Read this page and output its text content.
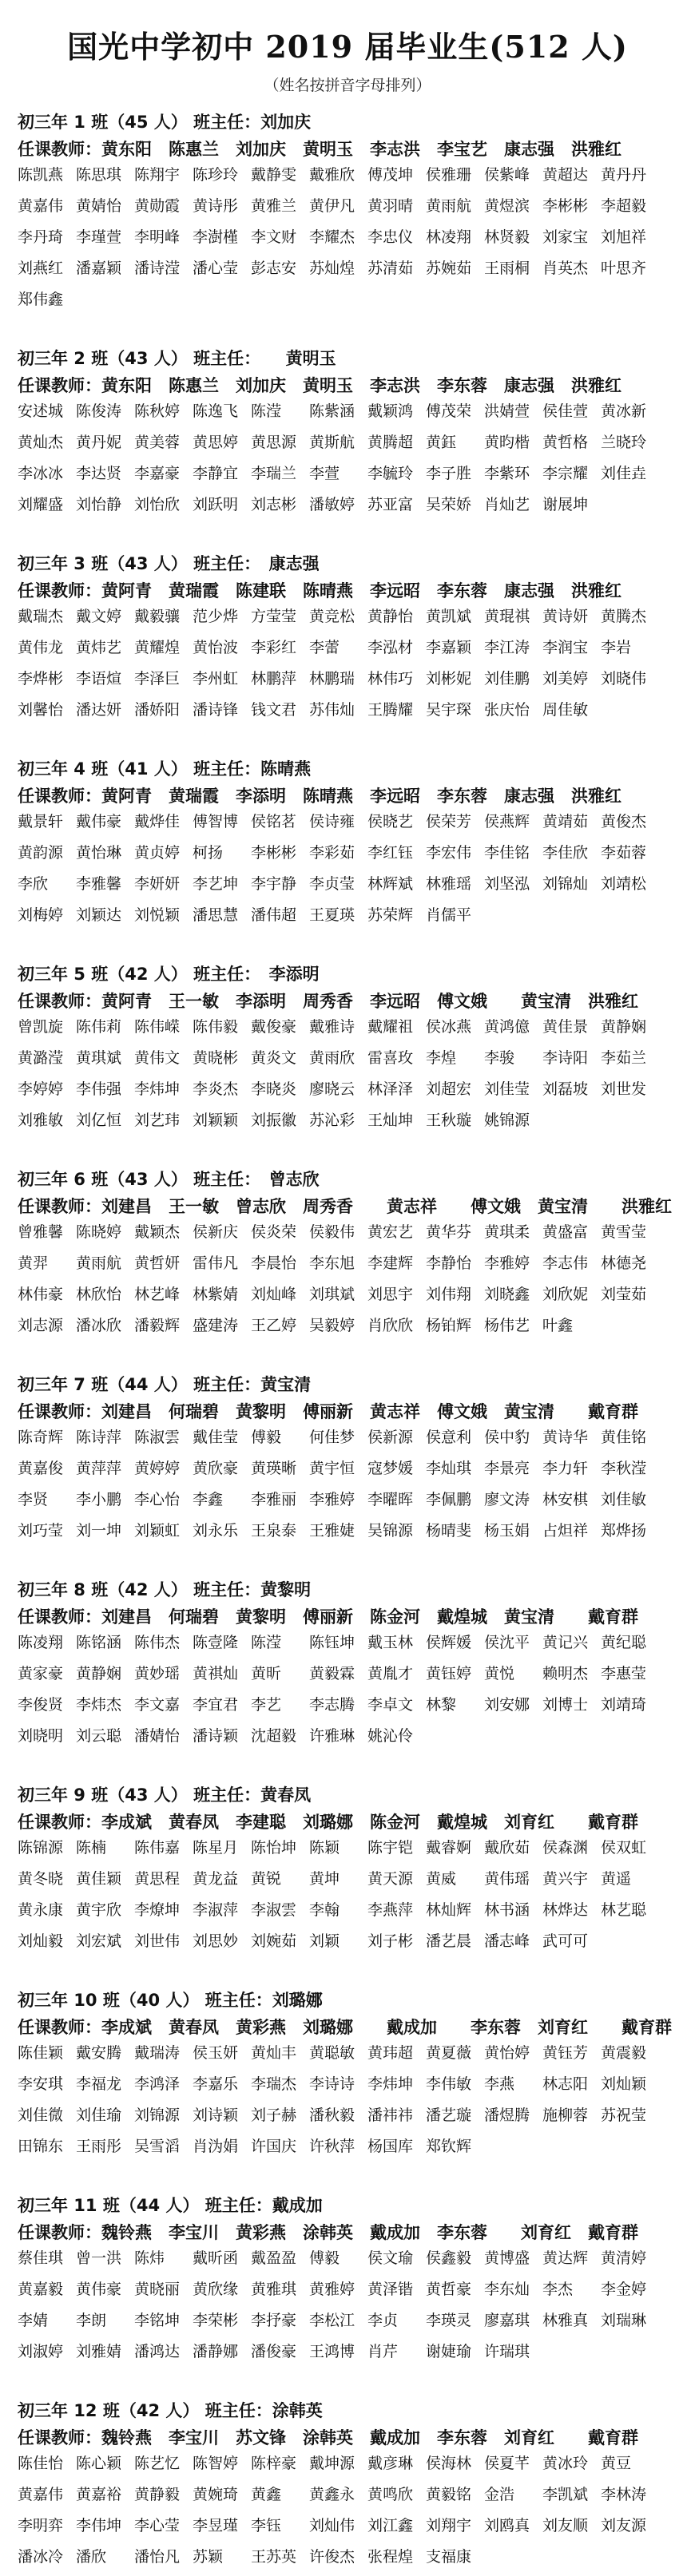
国光中学初中 2019 届毕业生(512 人)
（姓名按拼音字母排列）
初三年 1 班（45 人） 班主任：刘加庆
任课教师：黄东阳　陈惠兰　刘加庆　黄明玉　李志洪　李宝艺　康志强　洪雅红
陈凯燕 陈思琪 陈翔宇 陈珍玲 戴静雯 戴雅欣 傅茂坤 侯雅珊 侯紫峰 黄超达 黄丹丹黄嘉伟 黄婧怡 黄勋霞 黄诗彤 黄雅兰 黄伊凡 黄羽晴 黄雨航 黄煜滨 李彬彬 李超毅李丹琦 李瑾萱 李明峰 李澍槿 李文财 李耀杰 李忠仪 林凌翔 林贤毅 刘家宝 刘旭祥刘燕红 潘嘉颖 潘诗滢 潘心莹 彭志安 苏灿煌 苏清茹 苏婉茹 王雨桐 肖英杰 叶思齐郑伟鑫
初三年 2 班（43 人） 班主任：　　黄明玉
任课教师：黄东阳　陈惠兰　刘加庆　黄明玉　李志洪　李东蓉　康志强　洪雅红
安述城 陈俊涛 陈秋婷 陈逸飞 陈滢 陈紫涵 戴颖鸿 傅茂荣 洪婧萱 侯佳萱 黄冰新黄灿杰 黄丹妮 黄美蓉 黄思婷 黄思源 黄斯航 黄腾超 黄鈺 黄昀楷 黄哲格 兰晓玲李冰冰 李达贤 李嘉豪 李静宜 李瑞兰 李萱 李毓玲 李子胜 李紫环 李宗耀 刘佳垚刘耀盛 刘怡静 刘怡欣 刘跃明 刘志彬 潘敏婷 苏亚富 吴荣娇 肖灿艺 谢展坤
初三年 3 班（43 人） 班主任：　康志强
任课教师：黄阿青　黄瑞霞　陈建联　陈晴燕　李远昭　李东蓉　康志强　洪雅红
戴瑞杰 戴文婷 戴毅骧 范少烨 方莹莹 黄竞松 黄静怡 黄凯斌 黄琨祺 黄诗妍 黄腾杰黄伟龙 黄炜艺 黄耀煌 黄怡波 李彩红 李蕾 李泓材 李嘉颖 李江涛 李润宝 李岩李烨彬 李语煊 李泽巨 李州虹 林鹏萍 林鹏瑞 林伟巧 刘彬妮 刘佳鹏 刘美婷 刘晓伟刘馨怡 潘达妍 潘娇阳 潘诗锋 钱文君 苏伟灿 王腾耀 吴宇琛 张庆怡 周佳敏
初三年 4 班（41 人） 班主任：陈晴燕
任课教师：黄阿青　黄瑞霞　李添明　陈晴燕　李远昭　李东蓉　康志强　洪雅红
戴景轩 戴伟豪 戴烨佳 傅智博 侯铭茗 侯诗雍 侯晓艺 侯荣芳 侯燕辉 黄靖茹 黄俊杰黄韵源 黄怡琳 黄贞婷 柯扬 李彬彬 李彩茹 李红钰 李宏伟 李佳铭 李佳欣 李茹蓉李欣 李雅馨 李妍妍 李艺坤 李宇静 李贞莹 林辉斌 林雅瑶 刘坚泓 刘锦灿 刘靖松刘梅婷 刘颖达 刘悦颖 潘思慧 潘伟超 王夏瑛 苏荣辉 肖儒平
初三年 5 班（42 人） 班主任：　李添明
任课教师：黄阿青　王一敏　李添明　周秀香　李远昭　傅文娥　　黄宝清　洪雅红
曾凯旋 陈伟莉 陈伟嵘 陈伟毅 戴俊豪 戴雅诗 戴耀祖 侯冰燕 黄鸿億 黄佳景 黄静娴黄潞滢 黄琪斌 黄伟文 黄晓彬 黄炎文 黄雨欣 雷喜玫 李煌 李骏 李诗阳 李茹兰李婷婷 李伟强 李炜坤 李炎杰 李晓炎 廖晓云 林泽泽 刘超宏 刘佳莹 刘磊坡 刘世发刘雅敏 刘亿恒 刘艺玮 刘颖颖 刘振徽 苏沁彩 王灿坤 王秋璇 姚锦源
初三年 6 班（43 人） 班主任：　曾志欣
任课教师：刘建昌　王一敏　曾志欣　周秀香　　黄志祥　　傅文娥　黄宝清　　洪雅红
曾雅馨 陈晓婷 戴颖杰 侯新庆 侯炎荣 侯毅伟 黄宏艺 黄华芬 黄琪柔 黄盛富 黄雪莹黄羿 黄雨航 黄哲妍 雷伟凡 李晨怡 李东旭 李建辉 李静怡 李雅婷 李志伟 林德尧林伟豪 林欣怡 林艺峰 林紫婧 刘灿峰 刘琪斌 刘思宇 刘伟翔 刘晓鑫 刘欣妮 刘莹茹刘志源 潘冰欣 潘毅辉 盛建涛 王乙婷 吴毅婷 肖欣欣 杨铂辉 杨伟艺 叶鑫
初三年 7 班（44 人） 班主任：黄宝清
任课教师：刘建昌　何瑞碧　黄黎明　傅丽新　黄志祥　傅文娥　黄宝清　　戴育群
陈奇辉 陈诗萍 陈淑雲 戴佳莹 傅毅 何佳梦 侯新源 侯意利 侯中豹 黄诗华 黄佳铭黄嘉俊 黄萍萍 黄婷婷 黄欣豪 黄瑛晰 黄宇恒 寇梦媛 李灿琪 李景亮 李力轩 李秋滢李贤 李小鹏 李心怡 李鑫 李雅丽 李雅婷 李曜晖 李佩鹏 廖文涛 林安棋 刘佳敏刘巧莹 刘一坤 刘颖虹 刘永乐 王泉泰 王雅婕 吴锦源 杨晴斐 杨玉娟 占炟祥 郑烨扬
初三年 8 班（42 人） 班主任：黄黎明
任课教师：刘建昌　何瑞碧　黄黎明　傅丽新　陈金河　戴煌城　黄宝清　　戴育群
陈凌翔 陈铭涵 陈伟杰 陈壹隆 陈滢 陈钰坤 戴玉林 侯辉媛 侯沈平 黄记兴 黄纪聪黄家豪 黄静娴 黄妙瑶 黄祺灿 黄昕 黄毅霖 黄胤才 黄钰婷 黄悦 赖明杰 李惠莹李俊贤 李炜杰 李文嘉 李宜君 李艺 李志腾 李卓文 林黎 刘安娜 刘博士 刘靖琦刘晓明 刘云聪 潘婧怡 潘诗颖 沈超毅 许雅琳 姚沁伶
初三年 9 班（43 人） 班主任：黄春凤
任课教师：李成斌　黄春凤　李建聪　刘璐娜　陈金河　戴煌城　刘育红　　戴育群
陈锦源 陈楠 陈伟嘉 陈星月 陈怡坤 陈颖 陈宇铠 戴睿婀 戴欣茹 侯森渊 侯双虹黄冬晓 黄佳颖 黄思程 黄龙益 黄锐 黄坤 黄天源 黄威 黄伟瑶 黄兴宇 黄遥黄永康 黄宇欣 李燎坤 李淑萍 李淑雲 李翰 李燕萍 林灿辉 林书涵 林烨达 林艺聪刘灿毅 刘宏斌 刘世伟 刘思妙 刘婉茹 刘颖 刘子彬 潘艺晨 潘志峰 武可可
初三年 10 班（40 人） 班主任：刘璐娜
任课教师：李成斌　黄春凤　黄彩燕　刘璐娜　　戴成加　　李东蓉　刘育红　　戴育群
陈佳颖 戴安腾 戴瑞涛 侯玉妍 黄灿丰 黄聪敏 黄玮超 黄夏薇 黄怡婷 黄钰芳 黄震毅李安琪 李福龙 李鸿泽 李嘉乐 李瑞杰 李诗诗 李炜坤 李伟敏 李燕 林志阳 刘灿颖刘佳微 刘佳瑜 刘锦源 刘诗颖 刘子赫 潘秋毅 潘祎祎 潘艺璇 潘煜腾 施柳蓉 苏祝莹田锦东 王雨彤 吴雪滔 肖沩娟 许国庆 许秋萍 杨国库 郑钦辉
初三年 11 班（44 人） 班主任：戴成加
任课教师：魏铃燕　李宝川　黄彩燕　涂韩英　戴成加　李东蓉　　刘育红　戴育群
蔡佳琪 曾一洪 陈炜 戴昕函 戴盈盈 傅毅 侯文瑜 侯鑫毅 黄博盛 黄达辉 黄清婷黄嘉毅 黄伟豪 黄晓丽 黄欣缘 黄雅琪 黄雅婷 黄泽锴 黄哲豪 李东灿 李杰 李金婷李婧 李朗 李铭坤 李荣彬 李抒豪 李松江 李贞 李瑛灵 廖嘉琪 林雅真 刘瑞琳刘淑婷 刘雅婧 潘鸿达 潘静娜 潘俊豪 王鸿博 肖芹 谢婕瑜 许瑞琪
初三年 12 班（42 人） 班主任：涂韩英
任课教师：魏铃燕　李宝川　苏文锋　涂韩英　戴成加　李东蓉　刘育红　　戴育群
陈佳怡 陈心颖 陈艺忆 陈智婷 陈梓豪 戴坤源 戴彦琳 侯海林 侯夏芊 黄冰玲 黄豆黄嘉伟 黄嘉裕 黄静毅 黄婉琦 黄鑫 黄鑫永 黄鸣欣 黄毅铭 金浩 李凯斌 李林涛李明弈 李伟坤 李心莹 李昱瑾 李钰 刘灿伟 刘江鑫 刘翔宇 刘鸥真 刘友顺 刘友源潘冰冷 潘欣 潘怡凡 苏颖 王苏英 许俊杰 张程煌 支福康
